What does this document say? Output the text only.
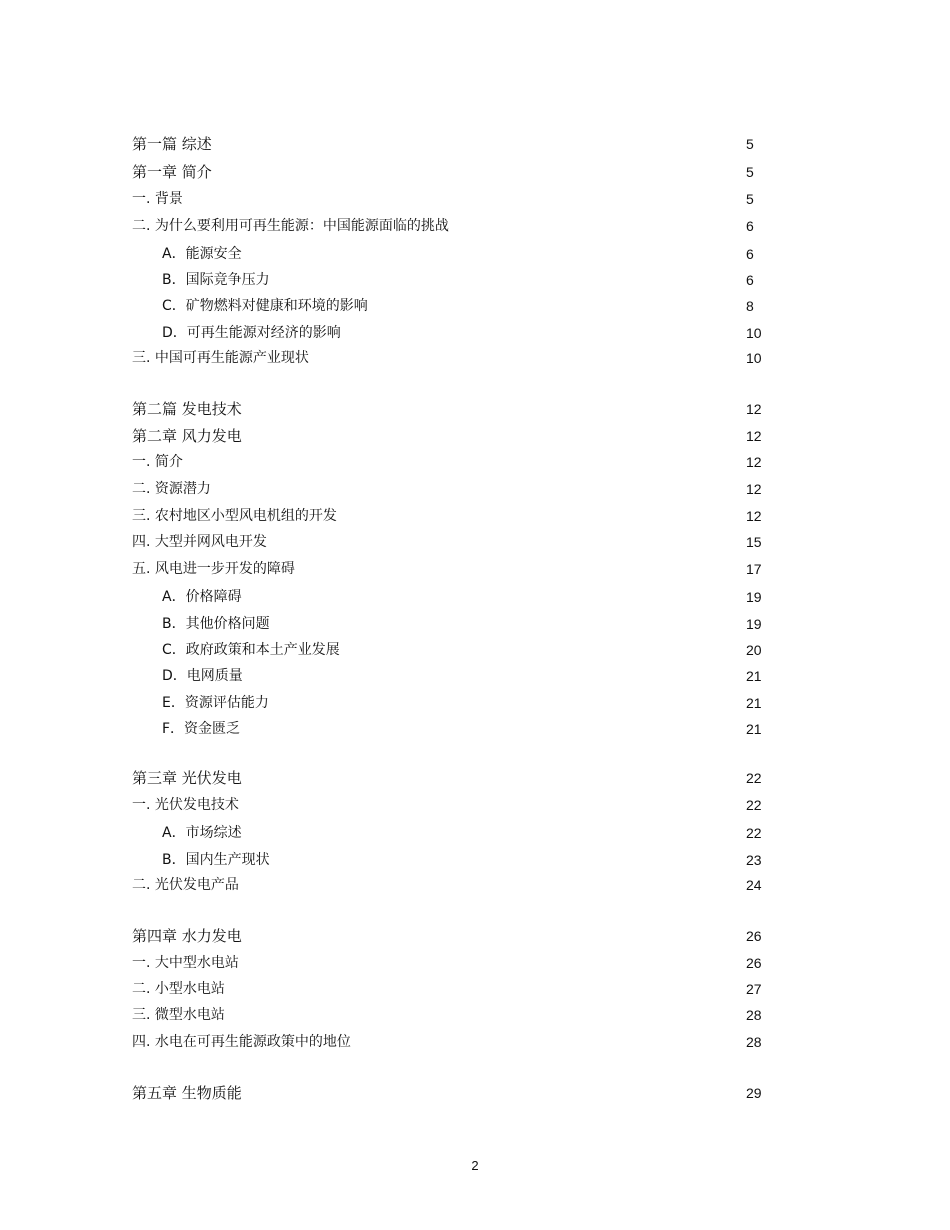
第一篇 综述	5
第一章 简介	5
一. 背景	5
二. 为什么要利用可再生能源：中国能源面临的挑战	6
A．能源安全	6
B．国际竞争压力	6
C．矿物燃料对健康和环境的影响	8
D．可再生能源对经济的影响	10
三. 中国可再生能源产业现状	10
第二篇 发电技术	12
第二章 风力发电	12
一. 简介	12
二. 资源潜力	12
三. 农村地区小型风电机组的开发	12
四. 大型并网风电开发	15
五. 风电进一步开发的障碍	17
A．价格障碍	19
B．其他价格问题	19
C．政府政策和本土产业发展	20
D．电网质量	21
E．资源评估能力	21
F．资金匮乏	21
第三章 光伏发电	22
一. 光伏发电技术	22
A．市场综述	22
B．国内生产现状	23
二. 光伏发电产品	24
第四章 水力发电	26
一. 大中型水电站	26
二. 小型水电站	27
三. 微型水电站	28
四. 水电在可再生能源政策中的地位	28
第五章 生物质能	29
2
